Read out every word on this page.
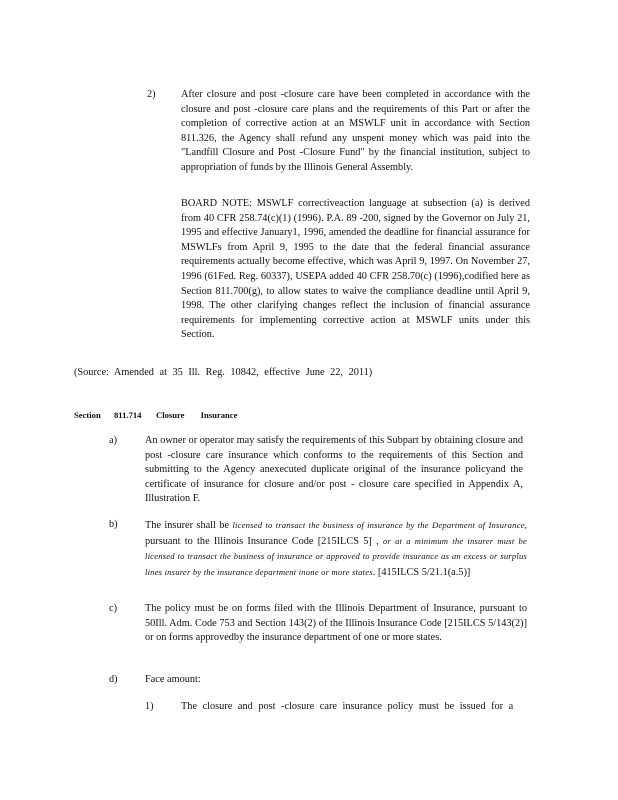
2) After closure and post -closure care have been completed in accordance with the closure and post -closure care plans and the requirements of this Part or after the completion of corrective action at an MSWLF unit in accordance with Section 811.326, the Agency shall refund any unspent money which was paid into the "Landfill Closure and Post -Closure Fund" by the financial institution, subject to appropriation of funds by the Illinois General Assembly.
BOARD NOTE: MSWLF correctiveaction language at subsection (a) is derived from 40 CFR 258.74(c)(1) (1996). P.A. 89 -200, signed by the Governor on July 21, 1995 and effective January1, 1996, amended the deadline for financial assurance for MSWLFs from April 9, 1995 to the date that the federal financial assurance requirements actually become effective, which was April 9, 1997. On November 27, 1996 (61Fed. Reg. 60337), USEPA added 40 CFR 258.70(c) (1996),codified here as Section 811.700(g), to allow states to waive the compliance deadline until April 9, 1998. The other clarifying changes reflect the inclusion of financial assurance requirements for implementing corrective action at MSWLF units under this Section.
(Source: Amended at 35 Ill. Reg. 10842, effective June 22, 2011)
Section 811.714 Closure Insurance
a)	An owner or operator may satisfy the requirements of this Subpart by obtaining closure and post -closure care insurance which conforms to the requirements of this Section and submitting to the Agency anexecuted duplicate original of the insurance policyand the certificate of insurance for closure and/or post - closure care specified in Appendix A, Illustration F.
b)	The insurer shall be licensed to transact the business of insurance by the Department of Insurance, pursuant to the Illinois Insurance Code [215ILCS 5] , or at a minimum the insurer must be licensed to transact the business of insurance or approved to provide insurance as an excess or surplus lines insurer by the insurance department inone or more states. [415ILCS 5/21.1(a.5)]
c)	The policy must be on forms filed with the Illinois Department of Insurance, pursuant to 50Ill. Adm. Code 753 and Section 143(2) of the Illinois Insurance Code [215ILCS 5/143(2)] or on forms approvedby the insurance department of one or more states.
d)	Face amount:
1)	The closure and post -closure care insurance policy must be issued for a
